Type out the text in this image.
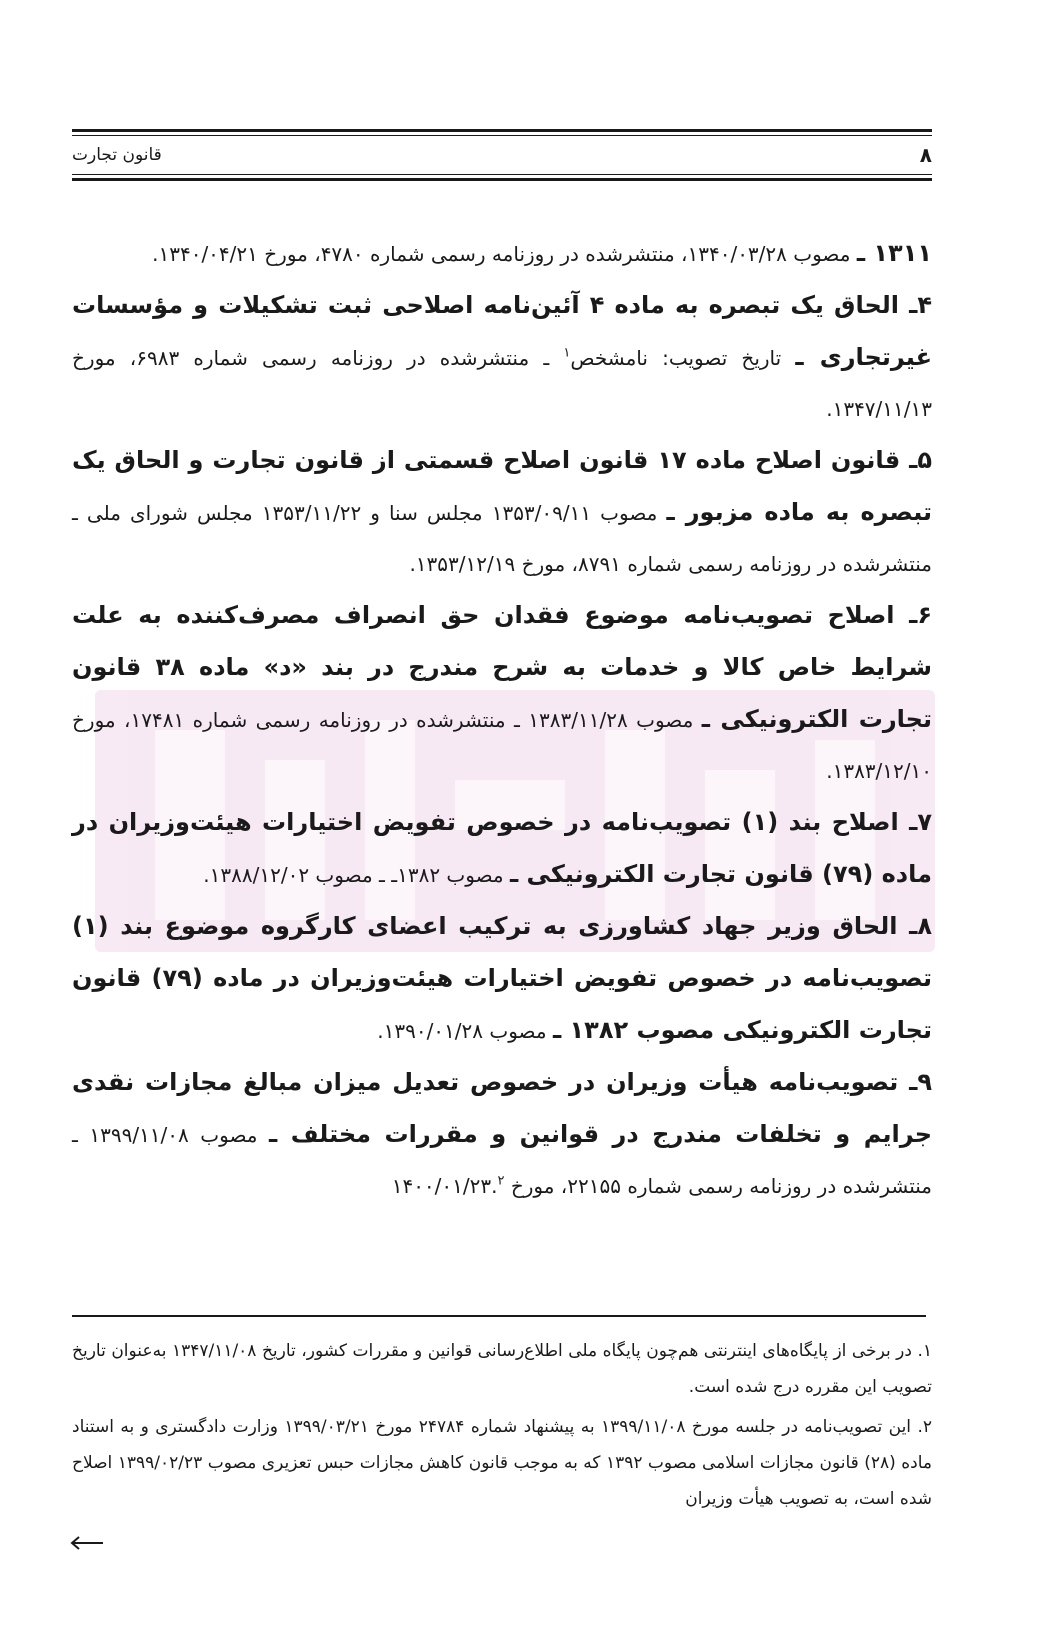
۸
قانون تجارت

۱۳۱۱ ـ مصوب ۱۳۴۰/۰۳/۲۸، منتشرشده در روزنامه رسمی شماره ۴۷۸۰، مورخ ۱۳۴۰/۰۴/۲۱.

۴ـ الحاق یک تبصره به ماده ۴ آئین‌نامه اصلاحی ثبت تشکیلات و مؤسسات غیرتجاری ـ تاریخ تصویب: نامشخص$^۱$ ـ منتشرشده در روزنامه رسمی شماره ۶۹۸۳، مورخ ۱۳۴۷/۱۱/۱۳.

۵ـ قانون اصلاح ماده ۱۷ قانون اصلاح قسمتی از قانون تجارت و الحاق یک تبصره به ماده مزبور ـ مصوب ۱۳۵۳/۰۹/۱۱ مجلس سنا و ۱۳۵۳/۱۱/۲۲ مجلس شورای ملی ـ منتشرشده در روزنامه رسمی شماره ۸۷۹۱، مورخ ۱۳۵۳/۱۲/۱۹.

۶ـ اصلاح تصویب‌نامه موضوع فقدان حق انصراف مصرف‌کننده به علت شرایط خاص کالا و خدمات به شرح مندرج در بند «د» ماده ۳۸ قانون تجارت الکترونیکی ـ مصوب ۱۳۸۳/۱۱/۲۸ ـ منتشرشده در روزنامه رسمی شماره ۱۷۴۸۱، مورخ ۱۳۸۳/۱۲/۱۰.

۷ـ اصلاح بند (۱) تصویب‌نامه در خصوص تفویض اختیارات هیئت‌وزیران در ماده (۷۹) قانون تجارت الکترونیکی ـ مصوب ۱۳۸۲ـ ـ مصوب ۱۳۸۸/۱۲/۰۲.

۸ـ الحاق وزیر جهاد کشاورزی به ترکیب اعضای کارگروه موضوع بند (۱) تصویب‌نامه در خصوص تفویض اختیارات هیئت‌وزیران در ماده (۷۹) قانون تجارت الکترونیکی مصوب ۱۳۸۲ ـ مصوب ۱۳۹۰/۰۱/۲۸.

۹ـ تصویب‌نامه هیأت وزیران در خصوص تعدیل میزان مبالغ مجازات نقدی جرایم و تخلفات مندرج در قوانین و مقررات مختلف ـ مصوب ۱۳۹۹/۱۱/۰۸ ـ منتشرشده در روزنامه رسمی شماره ۲۲۱۵۵، مورخ ۱۴۰۰/۰۱/۲۳.$^۲$

۱. در برخی از پایگاه‌های اینترنتی هم‌چون پایگاه ملی اطلاع‌رسانی قوانین و مقررات کشور، تاریخ ۱۳۴۷/۱۱/۰۸ به‌عنوان تاریخ تصویب این مقرره درج شده است.

۲. این تصویب‌نامه در جلسه مورخ ۱۳۹۹/۱۱/۰۸ به پیشنهاد شماره ۲۴۷۸۴ مورخ ۱۳۹۹/۰۳/۲۱ وزارت دادگستری و به استناد ماده (۲۸) قانون مجازات اسلامی مصوب ۱۳۹۲ که به موجب قانون کاهش مجازات حبس تعزیری مصوب ۱۳۹۹/۰۲/۲۳ اصلاح شده است، به تصویب هیأت وزیران
